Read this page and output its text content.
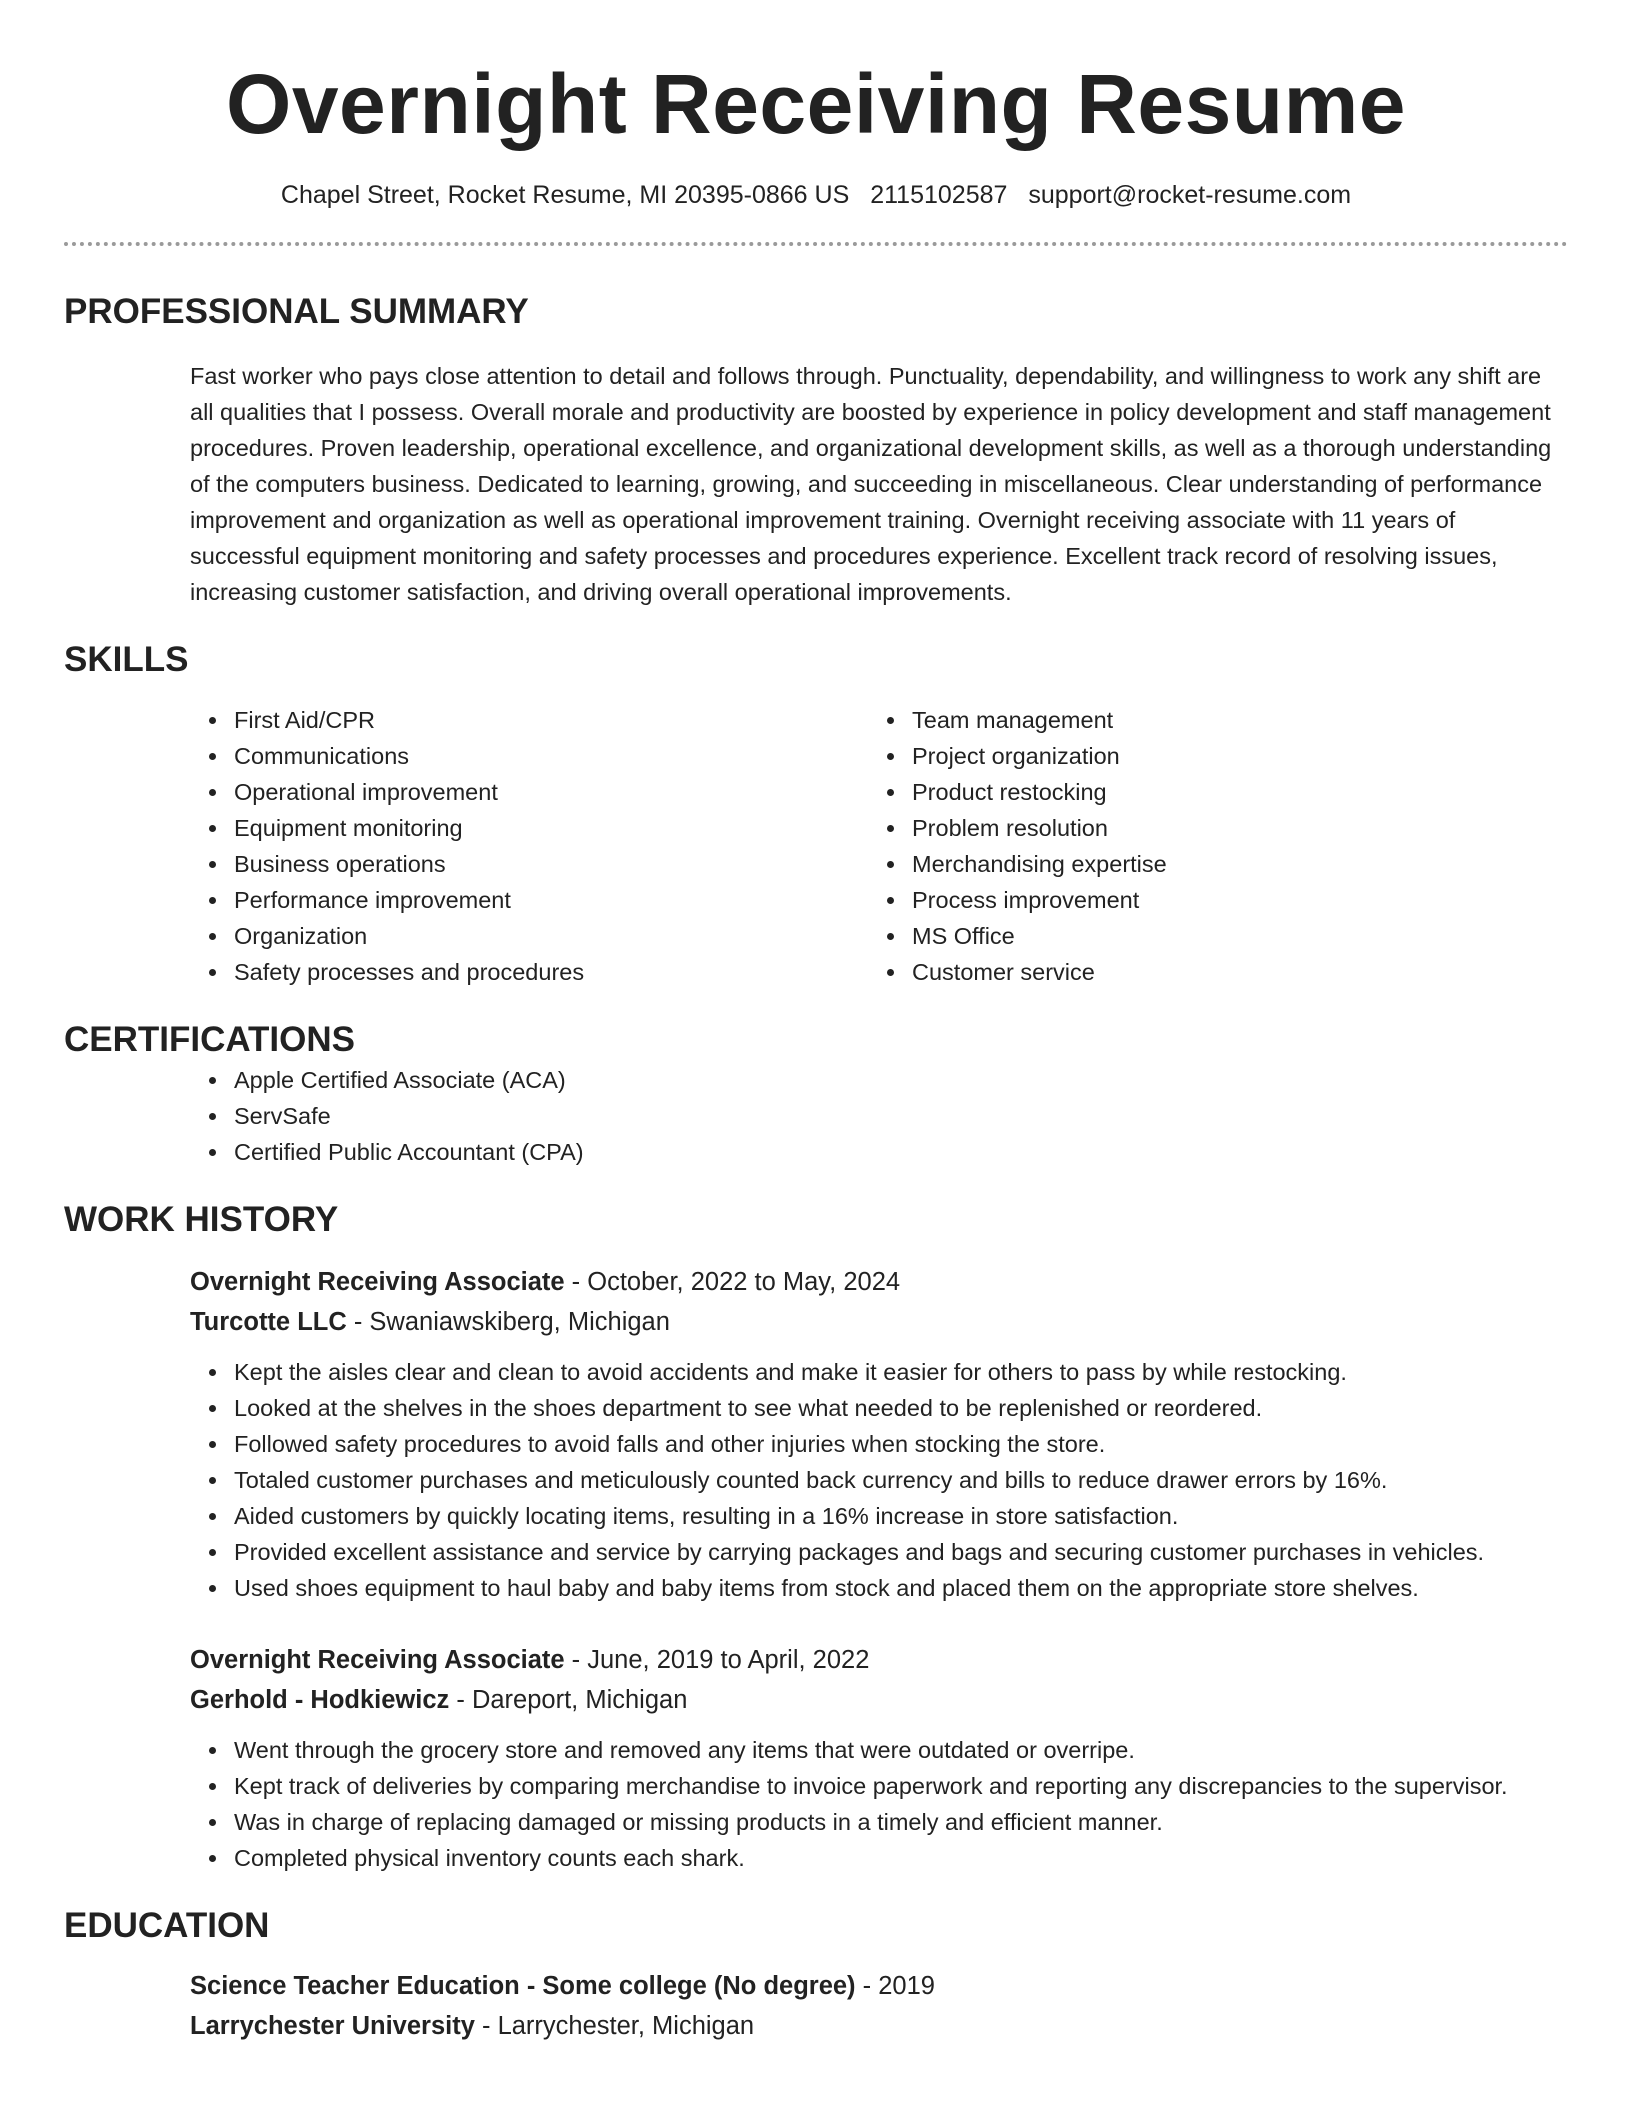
Overnight Receiving Resume
Chapel Street, Rocket Resume, MI 20395-0866 US 2115102587 support@rocket-resume.com
PROFESSIONAL SUMMARY

Fast worker who pays close attention to detail and follows through. Punctuality, dependability, and willingness to work any shift are all qualities that I possess. Overall morale and productivity are boosted by experience in policy development and staff management procedures. Proven leadership, operational excellence, and organizational development skills, as well as a thorough understanding of the computers business. Dedicated to learning, growing, and succeeding in miscellaneous. Clear understanding of performance improvement and organization as well as operational improvement training. Overnight receiving associate with 11 years of successful equipment monitoring and safety processes and procedures experience. Excellent track record of resolving issues, increasing customer satisfaction, and driving overall operational improvements.

SKILLS
First Aid/CPR
Communications
Operational improvement
Equipment monitoring
Business operations
Performance improvement
Organization
Safety processes and procedures
Team management
Project organization
Product restocking
Problem resolution
Merchandising expertise
Process improvement
MS Office
Customer service
CERTIFICATIONS
Apple Certified Associate (ACA)
ServSafe
Certified Public Accountant (CPA)
WORK HISTORY
Overnight Receiving Associate - October, 2022 to May, 2024
Turcotte LLC - Swaniawskiberg, Michigan
Kept the aisles clear and clean to avoid accidents and make it easier for others to pass by while restocking.
Looked at the shelves in the shoes department to see what needed to be replenished or reordered.
Followed safety procedures to avoid falls and other injuries when stocking the store.
Totaled customer purchases and meticulously counted back currency and bills to reduce drawer errors by 16%.
Aided customers by quickly locating items, resulting in a 16% increase in store satisfaction.
Provided excellent assistance and service by carrying packages and bags and securing customer purchases in vehicles.
Used shoes equipment to haul baby and baby items from stock and placed them on the appropriate store shelves.
Overnight Receiving Associate - June, 2019 to April, 2022
Gerhold - Hodkiewicz - Dareport, Michigan
Went through the grocery store and removed any items that were outdated or overripe.
Kept track of deliveries by comparing merchandise to invoice paperwork and reporting any discrepancies to the supervisor.
Was in charge of replacing damaged or missing products in a timely and efficient manner.
Completed physical inventory counts each shark.
EDUCATION
Science Teacher Education - Some college (No degree) - 2019
Larrychester University - Larrychester, Michigan
